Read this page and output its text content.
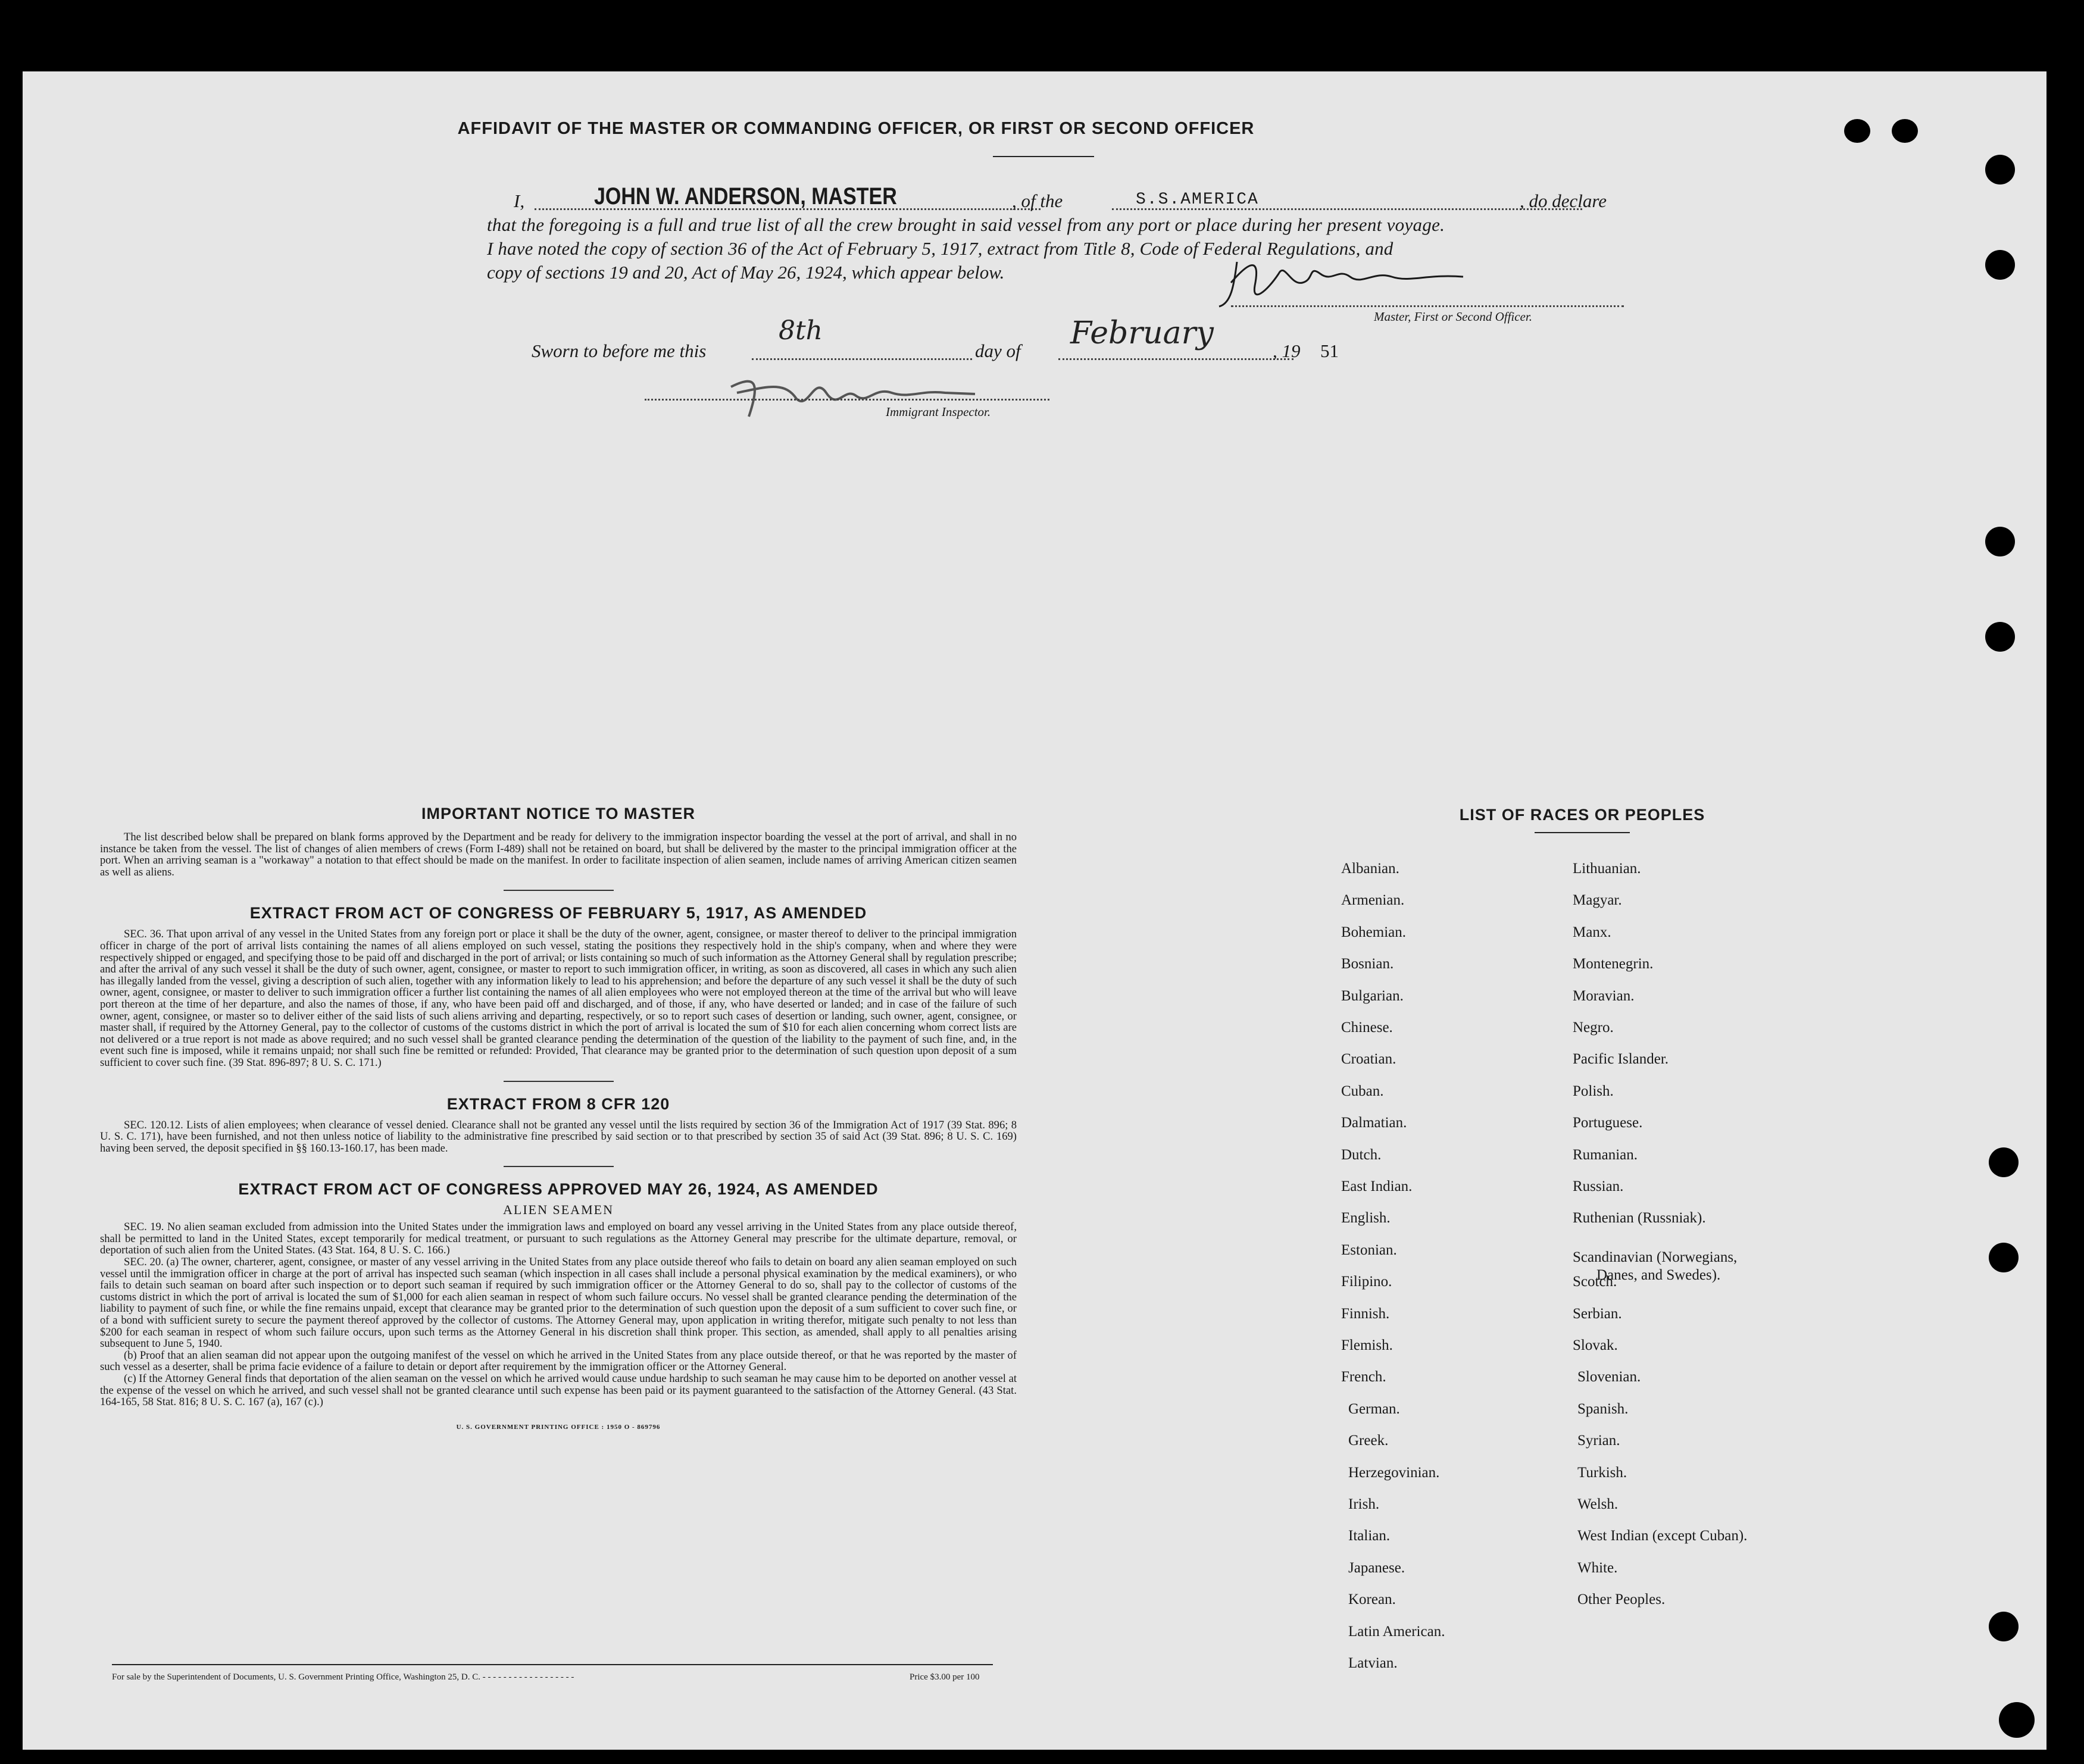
AFFIDAVIT OF THE MASTER OR COMMANDING OFFICER, OR FIRST OR SECOND OFFICER
I,	JOHN W. ANDERSON, MASTER	, of the	S.S.AMERICA	, do declare
that the foregoing is a full and true list of all the crew brought in said vessel from any port or place during her present voyage.
I have noted the copy of section 36 of the Act of February 5, 1917, extract from Title 8, Code of Federal Regulations, and
copy of sections 19 and 20, Act of May 26, 1924, which appear below.
Master, First or Second Officer.
Sworn to before me this
8th
day of February	, 19 51
Immigrant Inspector.

IMPORTANT NOTICE TO MASTER

The list described below shall be prepared on blank forms approved by the Department and be ready for delivery to the immigration inspector boarding the vessel at the port of arrival, and shall in no instance be taken from the vessel. The list of changes of alien members of crews (Form I-489) shall not be retained on board, but shall be delivered by the master to the principal immigration officer at the port. When an arriving seaman is a "workaway" a notation to that effect should be made on the manifest. In order to facilitate inspection of alien seamen, include names of arriving American citizen seamen as well as aliens.

EXTRACT FROM ACT OF CONGRESS OF FEBRUARY 5, 1917, AS AMENDED

SEC. 36. That upon arrival of any vessel in the United States from any foreign port or place it shall be the duty of the owner, agent, consignee, or master thereof to deliver to the principal immigration officer in charge of the port of arrival lists containing the names of all aliens employed on such vessel, stating the positions they respectively hold in the ship's company, when and where they were respectively shipped or engaged, and specifying those to be paid off and discharged in the port of arrival; or lists containing so much of such information as the Attorney General shall by regulation prescribe; and after the arrival of any such vessel it shall be the duty of such owner, agent, consignee, or master to report to such immigration officer, in writing, as soon as discovered, all cases in which any such alien has illegally landed from the vessel, giving a description of such alien, together with any information likely to lead to his apprehension; and before the departure of any such vessel it shall be the duty of such owner, agent, consignee, or master to deliver to such immigration officer a further list containing the names of all alien employees who were not employed thereon at the time of the arrival but who will leave port thereon at the time of her departure, and also the names of those, if any, who have been paid off and discharged, and of those, if any, who have deserted or landed; and in case of the failure of such owner, agent, consignee, or master so to deliver either of the said lists of such aliens arriving and departing, respectively, or so to report such cases of desertion or landing, such owner, agent, consignee, or master shall, if required by the Attorney General, pay to the collector of customs of the customs district in which the port of arrival is located the sum of $10 for each alien concerning whom correct lists are not delivered or a true report is not made as above required; and no such vessel shall be granted clearance pending the determination of the question of the liability to the payment of such fine, and, in the event such fine is imposed, while it remains unpaid; nor shall such fine be remitted or refunded: Provided, That clearance may be granted prior to the determination of such question upon deposit of a sum sufficient to cover such fine. (39 Stat. 896-897; 8 U. S. C. 171.)

EXTRACT FROM 8 CFR 120

SEC. 120.12. Lists of alien employees; when clearance of vessel denied. Clearance shall not be granted any vessel until the lists required by section 36 of the Immigration Act of 1917 (39 Stat. 896; 8 U. S. C. 171), have been furnished, and not then unless notice of liability to the administrative fine prescribed by said section or to that prescribed by section 35 of said Act (39 Stat. 896; 8 U. S. C. 169) having been served, the deposit specified in §§ 160.13-160.17, has been made.

EXTRACT FROM ACT OF CONGRESS APPROVED MAY 26, 1924, AS AMENDED

ALIEN SEAMEN

SEC. 19. No alien seaman excluded from admission into the United States under the immigration laws and employed on board any vessel arriving in the United States from any place outside thereof, shall be permitted to land in the United States, except temporarily for medical treatment, or pursuant to such regulations as the Attorney General may prescribe for the ultimate departure, removal, or deportation of such alien from the United States. (43 Stat. 164, 8 U. S. C. 166.)

SEC. 20. (a) The owner, charterer, agent, consignee, or master of any vessel arriving in the United States from any place outside thereof who fails to detain on board any alien seaman employed on such vessel until the immigration officer in charge at the port of arrival has inspected such seaman (which inspection in all cases shall include a personal physical examination by the medical examiners), or who fails to detain such seaman on board after such inspection or to deport such seaman if required by such immigration officer or the Attorney General to do so, shall pay to the collector of customs of the customs district in which the port of arrival is located the sum of $1,000 for each alien seaman in respect of whom such failure occurs. No vessel shall be granted clearance pending the determination of the liability to payment of such fine, or while the fine remains unpaid, except that clearance may be granted prior to the determination of such question upon the deposit of a sum sufficient to cover such fine, or of a bond with sufficient surety to secure the payment thereof approved by the collector of customs. The Attorney General may, upon application in writing therefor, mitigate such penalty to not less than $200 for each seaman in respect of whom such failure occurs, upon such terms as the Attorney General in his discretion shall think proper. This section, as amended, shall apply to all penalties arising subsequent to June 5, 1940.

(b) Proof that an alien seaman did not appear upon the outgoing manifest of the vessel on which he arrived in the United States from any place outside thereof, or that he was reported by the master of such vessel as a deserter, shall be prima facie evidence of a failure to detain or deport after requirement by the immigration officer or the Attorney General.

(c) If the Attorney General finds that deportation of the alien seaman on the vessel on which he arrived would cause undue hardship to such seaman he may cause him to be deported on another vessel at the expense of the vessel on which he arrived, and such vessel shall not be granted clearance until such expense has been paid or its payment guaranteed to the satisfaction of the Attorney General. (43 Stat. 164-165, 58 Stat. 816; 8 U. S. C. 167 (a), 167 (c).)

U. S. GOVERNMENT PRINTING OFFICE : 1950 O - 869796

For sale by the Superintendent of Documents, U. S. Government Printing Office, Washington 25, D. C. - - - - - - - - - - - - - - - - - -	Price $3.00 per 100
LIST OF RACES OR PEOPLES
Albanian.
Armenian.
Bohemian.
Bosnian.
Bulgarian.
Chinese.
Croatian.
Cuban.
Dalmatian.
Dutch.
East Indian.
English.
Estonian.
Filipino.
Finnish.
Flemish.
French.
German.
Greek.
Herzegovinian.
Irish.
Italian.
Japanese.
Korean.
Latin American.
Latvian.
Lithuanian.
Magyar.
Manx.
Montenegrin.
Moravian.
Negro.
Pacific Islander.
Polish.
Portuguese.
Rumanian.
Russian.
Ruthenian (Russniak).
Scandinavian (Norwegians,
Danes, and Swedes).
Scotch.
Serbian.
Slovak.
Slovenian.
Spanish.
Syrian.
Turkish.
Welsh.
West Indian (except Cuban).
White.
Other Peoples.
